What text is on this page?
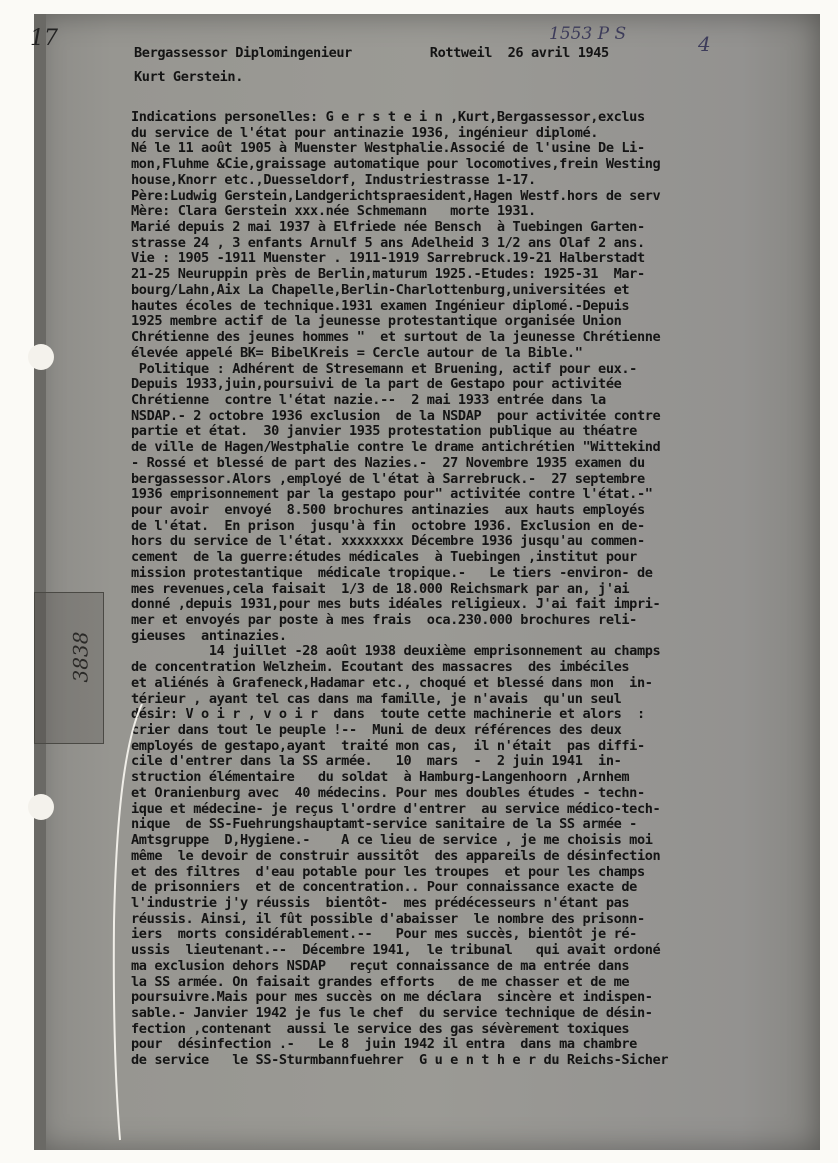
3838
17	1553 P S	4
Bergassessor Diplomingenieur          Rottweil  26 avril 1945
Kurt Gerstein.
Indications personelles: G e r s t e i n ,Kurt,Bergassessor,exclus
du service de l'état pour antinazie 1936, ingénieur diplomé.
Né le 11 août 1905 à Muenster Westphalie.Associé de l'usine De Li-
mon,Fluhme &Cie,graissage automatique pour locomotives,frein Westing
house,Knorr etc.,Duesseldorf, Industriestrasse 1-17.
Père:Ludwig Gerstein,Landgerichtspraesident,Hagen Westf.hors de serv
Mère: Clara Gerstein xxx.née Schmemann   morte 1931.
Marié depuis 2 mai 1937 à Elfriede née Bensch  à Tuebingen Garten-
strasse 24 , 3 enfants Arnulf 5 ans Adelheid 3 1/2 ans Olaf 2 ans.
Vie : 1905 -1911 Muenster . 1911-1919 Sarrebruck.19-21 Halberstadt
21-25 Neuruppin près de Berlin,maturum 1925.-Etudes: 1925-31  Mar-
bourg/Lahn,Aix La Chapelle,Berlin-Charlottenburg,universitées et
hautes écoles de technique.1931 examen Ingénieur diplomé.-Depuis
1925 membre actif de la jeunesse protestantique organisée Union
Chrétienne des jeunes hommes "  et surtout de la jeunesse Chrétienne
élevée appelé BK= BibelKreis = Cercle autour de la Bible."
Politique : Adhérent de Stresemann et Bruening, actif pour eux.-
Depuis 1933,juin,poursuivi de la part de Gestapo pour activitée
Chrétienne  contre l'état nazie.--  2 mai 1933 entrée dans la
NSDAP.- 2 octobre 1936 exclusion  de la NSDAP  pour activitée contre
partie et état.  30 janvier 1935 protestation publique au théatre
de ville de Hagen/Westphalie contre le drame antichrétien "Wittekind
- Rossé et blessé de part des Nazies.-  27 Novembre 1935 examen du
bergassessor.Alors ,employé de l'état à Sarrebruck.-  27 septembre
1936 emprisonnement par la gestapo pour" activitée contre l'état.-"
pour avoir  envoyé  8.500 brochures antinazies  aux hauts employés
de l'état.  En prison  jusqu'à fin  octobre 1936. Exclusion en de-
hors du service de l'état. xxxxxxxx Décembre 1936 jusqu'au commen-
cement  de la guerre:études médicales  à Tuebingen ,institut pour
mission protestantique  médicale tropique.-   Le tiers -environ- de
mes revenues,cela faisait  1/3 de 18.000 Reichsmark par an, j'ai
donné ,depuis 1931,pour mes buts idéales religieux. J'ai fait impri-
mer et envoyés par poste à mes frais  oca.230.000 brochures reli-
gieuses  antinazies.
14 juillet -28 août 1938 deuxième emprisonnement au champs
de concentration Welzheim. Ecoutant des massacres  des imbéciles
et aliénés à Grafeneck,Hadamar etc., choqué et blessé dans mon  in-
térieur , ayant tel cas dans ma famille, je n'avais  qu'un seul
désir: V o i r , v o i r  dans  toute cette machinerie et alors  :
crier dans tout le peuple !--  Muni de deux références des deux
employés de gestapo,ayant  traité mon cas,  il n'était  pas diffi-
cile d'entrer dans la SS armée.   10  mars  -  2 juin 1941  in-
struction élémentaire   du soldat  à Hamburg-Langenhoorn ,Arnhem
et Oranienburg avec  40 médecins. Pour mes doubles études - techn-
ique et médecine- je reçus l'ordre d'entrer  au service médico-tech-
nique  de SS-Fuehrungshauptamt-service sanitaire de la SS armée -
Amtsgruppe  D,Hygiene.-    A ce lieu de service , je me choisis moi
même  le devoir de construir aussitôt  des appareils de désinfection
et des filtres  d'eau potable pour les troupes  et pour les champs
de prisonniers  et de concentration.. Pour connaissance exacte de
l'industrie j'y réussis  bientôt-  mes prédécesseurs n'étant pas
réussis. Ainsi, il fût possible d'abaisser  le nombre des prisonn-
iers  morts considérablement.--   Pour mes succès, bientôt je ré-
ussis  lieutenant.--  Décembre 1941,  le tribunal   qui avait ordoné
ma exclusion dehors NSDAP   reçut connaissance de ma entrée dans
la SS armée. On faisait grandes efforts   de me chasser et de me
poursuivre.Mais pour mes succès on me déclara  sincère et indispen-
sable.- Janvier 1942 je fus le chef  du service technique de désin-
fection ,contenant  aussi le service des gas sévèrement toxiques
pour  désinfection .-   Le 8  juin 1942 il entra  dans ma chambre
de service   le SS-Sturmbannfuehrer  G u e n t h e r du Reichs-Sicher
